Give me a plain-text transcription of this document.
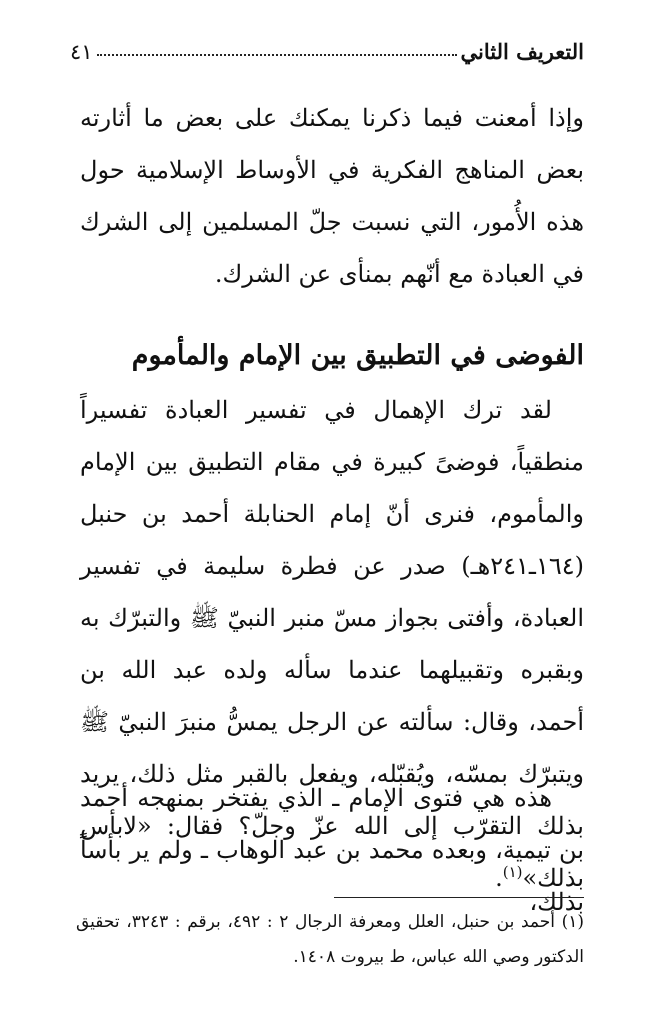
التعريف الثاني
٤١

وإذا أمعنت فيما ذكرنا يمكنك على بعض ما أثارته بعض المناهج الفكرية في الأوساط الإسلامية حول هذه الأُمور، التي نسبت جلّ المسلمين إلى الشرك في العبادة مع أنّهم بمنأى عن الشرك.

الفوضى في التطبيق بين الإمام والمأموم

لقد ترك الإهمال في تفسير العبادة تفسيراً منطقياً، فوضىً كبيرة في مقام التطبيق بين الإمام والمأموم، فنرى أنّ إمام الحنابلة أحمد بن حنبل (١٦٤ـ٢٤١هـ) صدر عن فطرة سليمة في تفسير العبادة، وأفتى بجواز مسّ منبر النبيّ ﷺ والتبرّك به وبقبره وتقبيلهما عندما سأله ولده عبد الله بن أحمد، وقال: سألته عن الرجل يمسُّ منبرَ النبيّ ﷺ ويتبرّك بمسّه، ويُقبّله، ويفعل بالقبر مثل ذلك، يريد بذلك التقرّب إلى الله عزّ وجلّ؟ فقال: «لابأس بذلك»$^{(١)}$.

هذه هي فتوى الإمام ـ الذي يفتخر بمنهجه أحمد بن تيمية، وبعده محمد بن عبد الوهاب ـ ولم ير بأساً بذلك،

(١) أحمد بن حنبل، العلل ومعرفة الرجال ٢ : ٤٩٢، برقم : ٣٢٤٣، تحقيق الدكتور وصي الله عباس، ط بيروت ١٤٠٨.
